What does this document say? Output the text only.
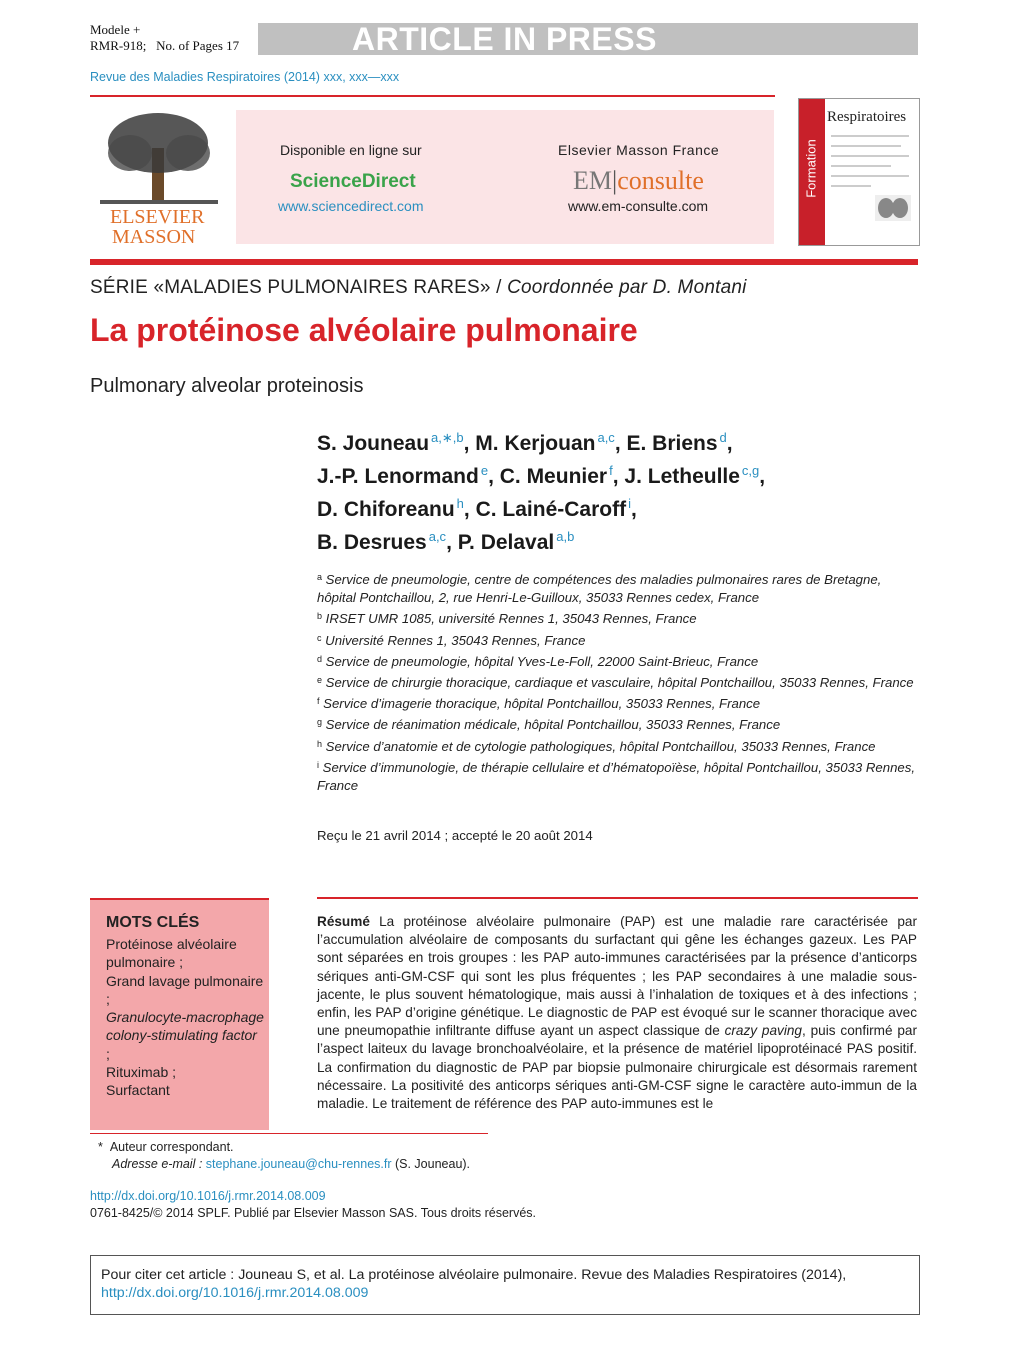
Modele +
RMR-918; No. of Pages 17	ARTICLE IN PRESS
Revue des Maladies Respiratoires (2014) xxx, xxx—xxx
ELSEVIER
MASSON
Disponible en ligne sur
ScienceDirect
www.sciencedirect.com
Elsevier Masson France
EM|consulte
www.em-consulte.com
Formation
Respiratoires
SÉRIE «MALADIES PULMONAIRES RARES» / Coordonnée par D. Montani
La protéinose alvéolaire pulmonaire
Pulmonary alveolar proteinosis
S. Jouneau $^{a,∗,b}$, M. Kerjouan $^{a,c}$, E. Briens $^d$,
J.-P. Lenormand $^e$, C. Meunier $^f$, J. Letheulle $^{c,g}$,
D. Chiforeanu $^h$, C. Lainé-Caroff $^i$,
B. Desrues $^{a,c}$, P. Delaval $^{a,b}$
$^a$ Service de pneumologie, centre de compétences des maladies pulmonaires rares de Bretagne, hôpital Pontchaillou, 2, rue Henri-Le-Guilloux, 35033 Rennes cedex, France
$^b$ IRSET UMR 1085, université Rennes 1, 35043 Rennes, France
$^c$ Université Rennes 1, 35043 Rennes, France
$^d$ Service de pneumologie, hôpital Yves-Le-Foll, 22000 Saint-Brieuc, France
$^e$ Service de chirurgie thoracique, cardiaque et vasculaire, hôpital Pontchaillou, 35033 Rennes, France
$^f$ Service d’imagerie thoracique, hôpital Pontchaillou, 35033 Rennes, France
$^g$ Service de réanimation médicale, hôpital Pontchaillou, 35033 Rennes, France
$^h$ Service d’anatomie et de cytologie pathologiques, hôpital Pontchaillou, 35033 Rennes, France
$^i$ Service d’immunologie, de thérapie cellulaire et d’hématopoïèse, hôpital Pontchaillou, 35033 Rennes, France
Reçu le 21 avril 2014 ; accepté le 20 août 2014
MOTS CLÉS
Protéinose alvéolaire pulmonaire ;
Grand lavage pulmonaire ;
Granulocyte-macrophage colony-stimulating factor
;
Rituximab ;
Surfactant
Résumé La protéinose alvéolaire pulmonaire (PAP) est une maladie rare caractérisée par l’accumulation alvéolaire de composants du surfactant qui gêne les échanges gazeux. Les PAP sont séparées en trois groupes : les PAP auto-immunes caractérisées par la présence d’anticorps sériques anti-GM-CSF qui sont les plus fréquentes ; les PAP secondaires à une maladie sous-jacente, le plus souvent hématologique, mais aussi à l’inhalation de toxiques et à des infections ; enfin, les PAP d’origine génétique. Le diagnostic de PAP est évoqué sur le scanner thoracique avec une pneumopathie infiltrante diffuse ayant un aspect classique de crazy paving, puis confirmé par l’aspect laiteux du lavage bronchoalvéolaire, et la présence de matériel lipoprotéinacé PAS positif. La confirmation du diagnostic de PAP par biopsie pulmonaire chirurgicale est désormais rarement nécessaire. La positivité des anticorps sériques anti-GM-CSF signe le caractère auto-immun de la maladie. Le traitement de référence des PAP auto-immunes est le
* Auteur correspondant.
Adresse e-mail : stephane.jouneau@chu-rennes.fr (S. Jouneau).
http://dx.doi.org/10.1016/j.rmr.2014.08.009
0761-8425/© 2014 SPLF. Publié par Elsevier Masson SAS. Tous droits réservés.
Pour citer cet article : Jouneau S, et al. La protéinose alvéolaire pulmonaire. Revue des Maladies Respiratoires (2014),
http://dx.doi.org/10.1016/j.rmr.2014.08.009
